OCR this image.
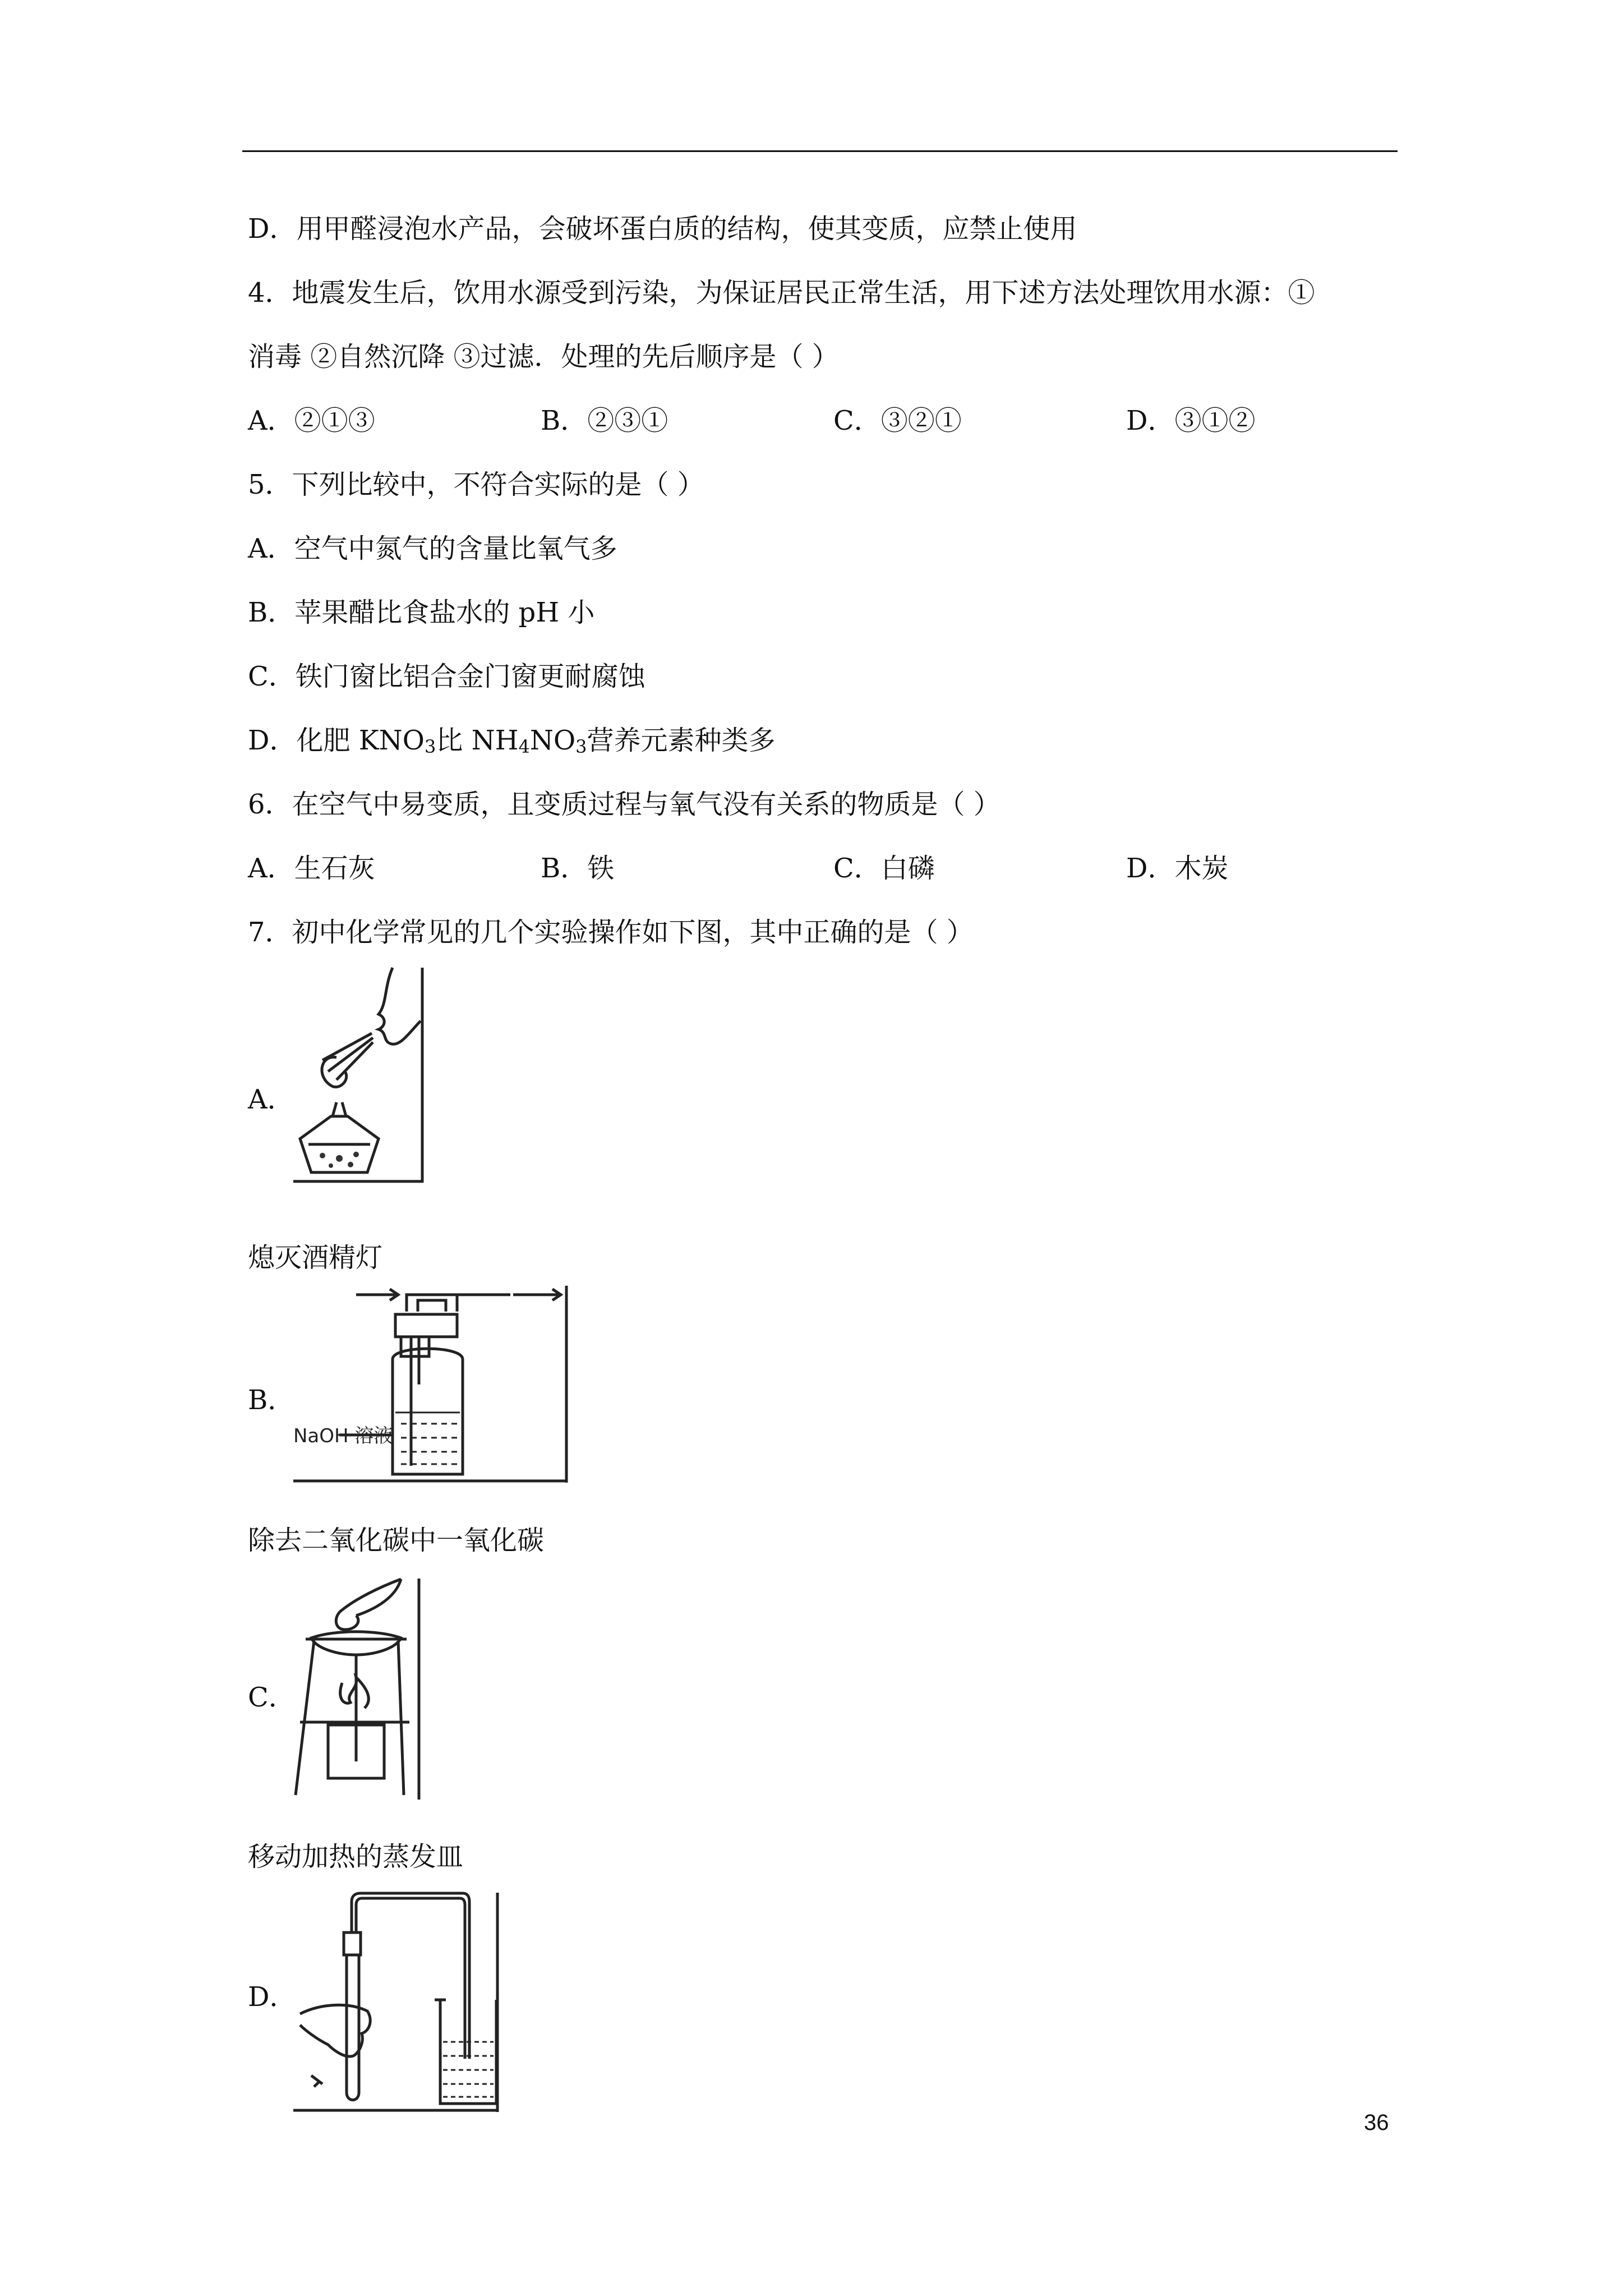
D．用甲醛浸泡水产品，会破坏蛋白质的结构，使其变质，应禁止使用
4．地震发生后，饮用水源受到污染，为保证居民正常生活，用下述方法处理饮用水源：①
消毒 ②自然沉降 ③过滤．处理的先后顺序是（ ）
A．②①③	B．②③①	C．③②①	D．③①②
5．下列比较中，不符合实际的是（ ）
A．空气中氮气的含量比氧气多
B．苹果醋比食盐水的 pH 小
C．铁门窗比铝合金门窗更耐腐蚀
D．化肥 $KNO_3$比 $NH_4NO_3$营养元素种类多
6．在空气中易变质，且变质过程与氧气没有关系的物质是（ ）
A．生石灰	B．铁	C．白磷	D．木炭
7．初中化学常见的几个实验操作如下图，其中正确的是（ ）
A．
熄灭酒精灯
B．
NaOH 溶液
除去二氧化碳中一氧化碳
C．
移动加热的蒸发皿
D．
36
